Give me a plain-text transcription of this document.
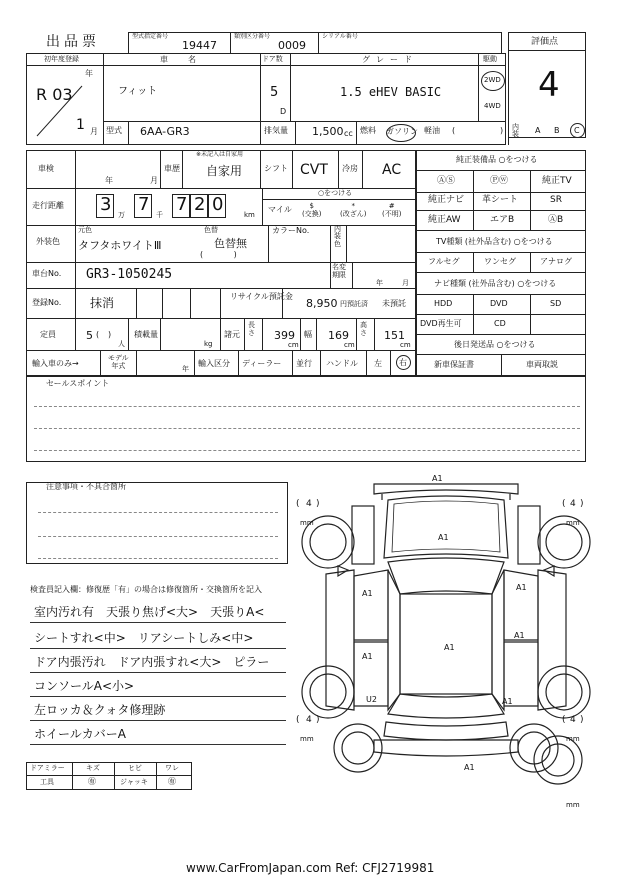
出品票	型式指定番号
19447
類別区分番号
0009
シリアル番号
評価点
4
初年度登録
年
R 03
1 月
車名
フィット
ドア数
5
D
グレード
1.5 eHEV BASIC
駆動
2WD
4WD
型式 6AA-GR3	排気量 1,500 cc 燃料 ガソリン 軽油 (	) 内装	A B C
車検
年	月
車歴
※未記入は自家用
自家用	シフト CVT 冷房 AC
走行距離 3 万 7 千 7 2 0	km
○をつける
マイル	$
(交換)
*
(改ざん)
#
(不明)
外装色
元色	色替
タフタホワイトⅢ	色替無
(            )
カラーNo.	内装色
車台No. GR3-1050245	名変期限
年	月
登録No. 抹消	リサイクル預託金
8,950 円預託済 未預託
定員	5 ( )
人
積載量
kg
諸元
長さ 399
cm
幅 169
cm
高さ 151
cm
輸入車のみ→
モデル
年式	年
輸入区分 ディーラー 並行 ハンドル 左 右
純正装備品 ○をつける
ⒶⓈ	Ⓟⓦ	純正TV
純正ナビ 革シート	SR
純正AW	エアB	ⒶB
TV種類 (社外品含む) ○をつける
フルセグ	ワンセグ	アナログ
ナビ種類 (社外品含む) ○をつける
HDD	DVD	SD
DVD再生可	CD
後日発送品 ○をつける
新車保証書	車両取説
セールスポイント
注意事項・不具合箇所
検査員記入欄：修復歴「有」の場合は修復箇所・交換箇所を記入
室内汚れ有　天張り焦げ<大>　天張りA<
シートすれ<中>　リアシートしみ<中>
ドア内張汚れ　ドア内張すれ<大>　ピラー
コンソールA<小>
左ロッカ＆クォタ修理跡
ホイールカバーA
ドアミラー	キズ	ヒビ	ワレ
工具	㊒	ジャッキ	㊒
A1
A1
A1
A1
A1
A1
A1
U2	A1
A1
( 4 )
mm
( 4 )
mm
( 4 )
mm
( 4 )
mm
mm
www.CarFromJapan.com Ref: CFJ2719981
